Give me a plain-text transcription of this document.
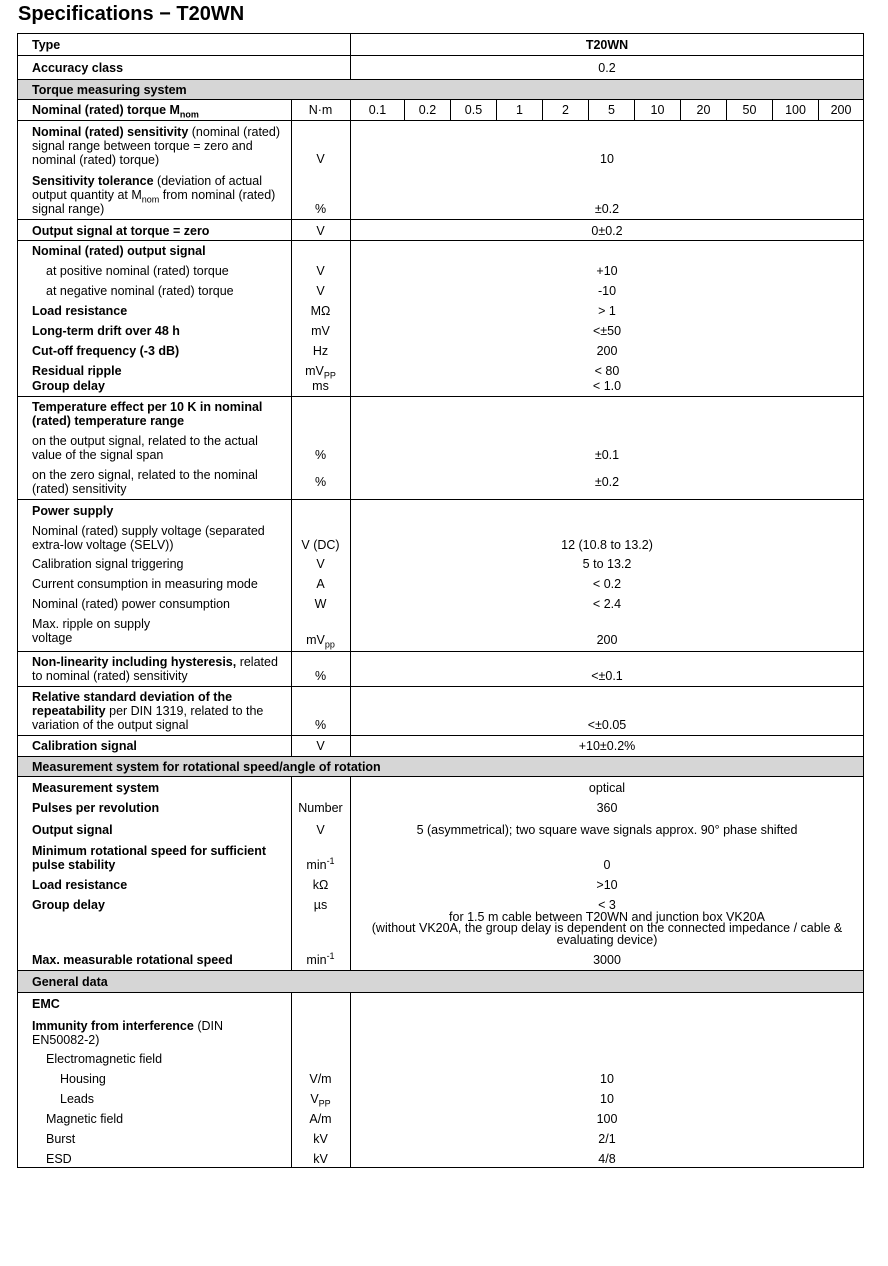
Specifications − T20WN
Type	T20WN
Accuracy class	0.2
Torque measuring system
Nominal (rated) torque $M_{nom}$	N·m	0.1	0.2	0.5	1	2	5	10	20	50	100	200
Nominal (rated) sensitivity (nominal (rated) signal range between torque = zero and nominal (rated) torque)	V	10
Sensitivity tolerance (deviation of actual output quantity at $M_{nom}$ from nominal (rated) signal range)	%	±0.2
Output signal at torque = zero	V	0±0.2
Nominal (rated) output signal
at positive nominal (rated) torque	V	+10
at negative nominal (rated) torque	V	-10
Load resistance	MΩ	> 1
Long-term drift over 48 h	mV	<±50
Cut-off frequency (-3 dB)	Hz	200
Residual ripple	$mV_{PP}$	< 80
Group delay	ms	< 1.0
Temperature effect per 10 K in nominal (rated) temperature range
on the output signal, related to the actual value of the signal span	%	±0.1
on the zero signal, related to the nominal (rated) sensitivity	%	±0.2
Power supply
Nominal (rated) supply voltage (separated extra-low voltage (SELV))	V (DC)	12 (10.8 to 13.2)
Calibration signal triggering	V	5 to 13.2
Current consumption in measuring mode	A	< 0.2
Nominal (rated) power consumption	W	< 2.4
Max. ripple on supply voltage	$mV_{pp}$	200
Non-linearity including hysteresis, related to nominal (rated) sensitivity	%	<±0.1
Relative standard deviation of the repeatability per DIN 1319, related to the variation of the output signal	%	<±0.05
Calibration signal	V	+10±0.2%
Measurement system for rotational speed/angle of rotation
Measurement system	optical
Pulses per revolution	Number	360
Output signal	V	5 (asymmetrical); two square wave signals approx. 90° phase shifted
Minimum rotational speed for sufficient pulse stability	$\min^{-1}$	0
Load resistance	kΩ	>10
Group delay	µs	< 3
for 1.5 m cable between T20WN and junction box VK20A
(without VK20A, the group delay is dependent on the connected impedance / cable & evaluating device)
Max. measurable rotational speed	$\min^{-1}$	3000
General data
EMC
Immunity from interference (DIN EN50082-2)
Electromagnetic field
Housing	V/m	10
Leads	$V_{PP}$	10
Magnetic field	A/m	100
Burst	kV	2/1
ESD	kV	4/8
